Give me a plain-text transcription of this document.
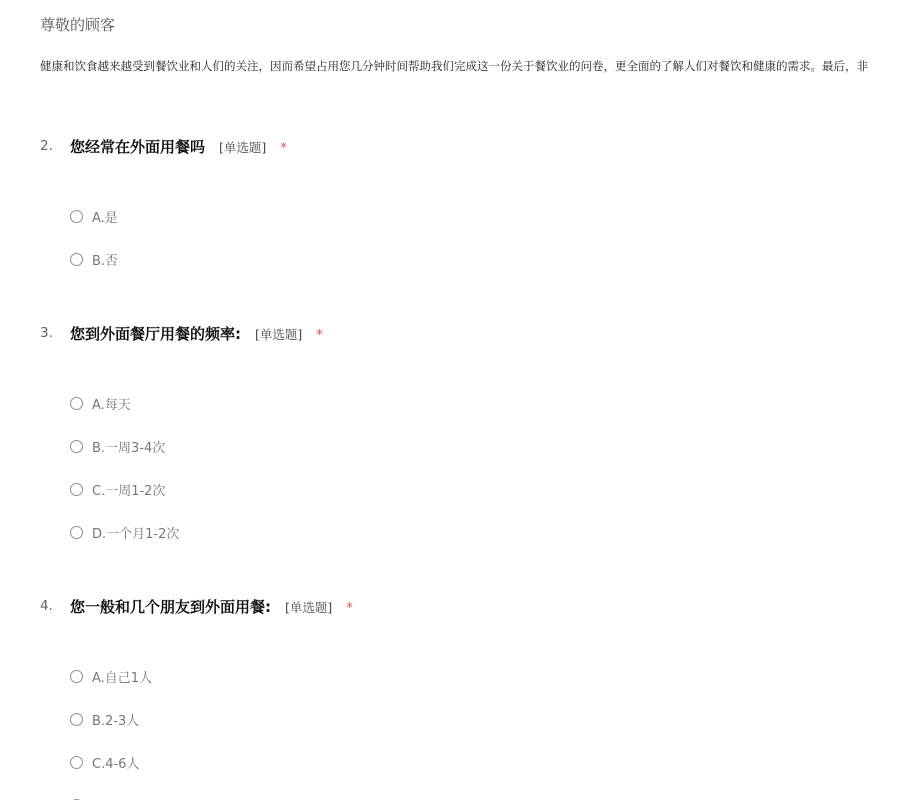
尊敬的顾客
健康和饮食越来越受到餐饮业和人们的关注，因而希望占用您几分钟时间帮助我们完成这一份关于餐饮业的问卷，更全面的了解人们对餐饮和健康的需求。最后，非
2. 您经常在外面用餐吗 [单选题] *
A.是
B.否
3. 您到外面餐厅用餐的频率: [单选题] *
A.每天
B.一周3-4次
C.一周1-2次
D.一个月1-2次
4. 您一般和几个朋友到外面用餐: [单选题] *
A.自己1人
B.2-3人
C.4-6人
